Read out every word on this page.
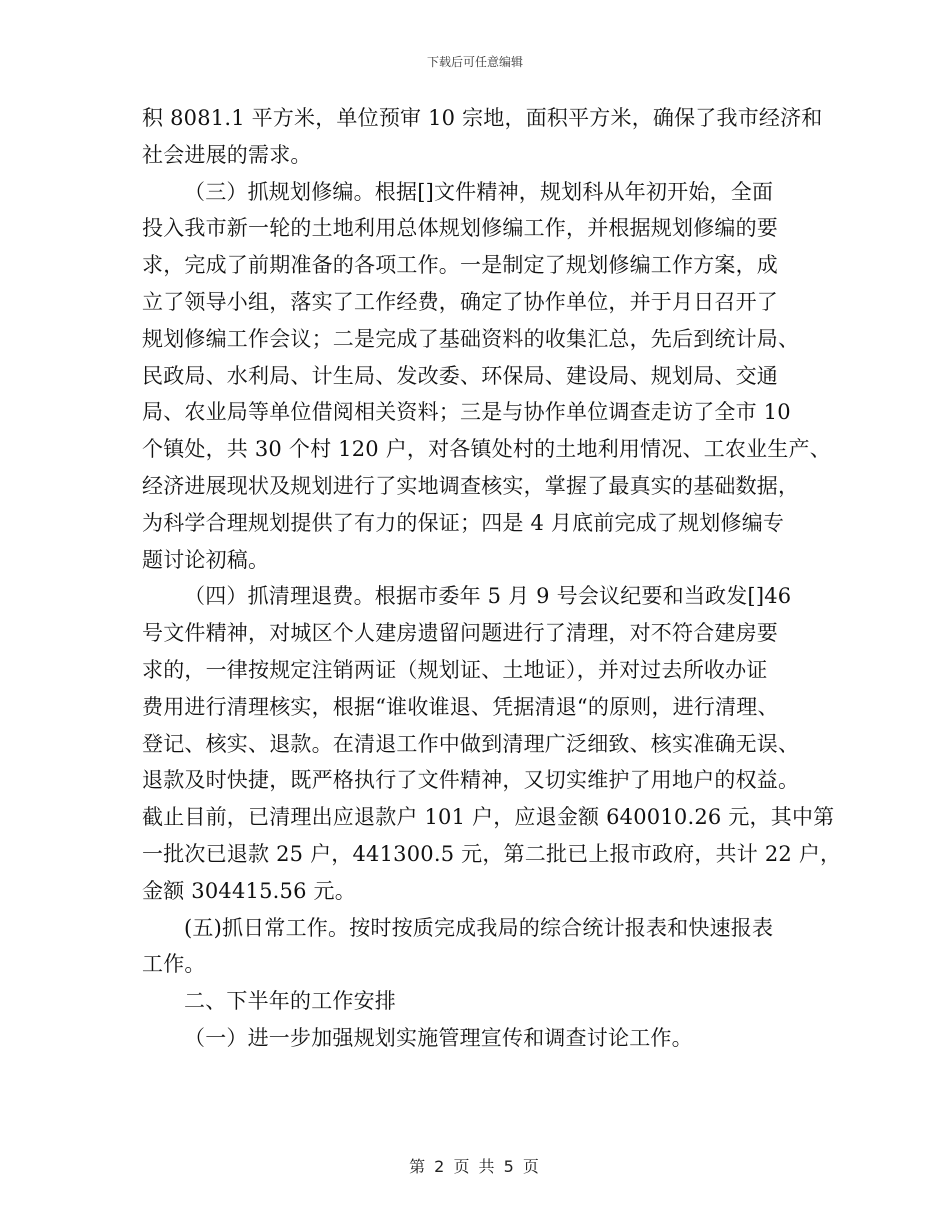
下载后可任意编辑
积 8081.1 平方米，单位预审 10 宗地，面积平方米，确保了我市经济和
社会进展的需求。
（三）抓规划修编。根据[]文件精神，规划科从年初开始，全面
投入我市新一轮的土地利用总体规划修编工作，并根据规划修编的要
求，完成了前期准备的各项工作。一是制定了规划修编工作方案，成
立了领导小组，落实了工作经费，确定了协作单位，并于月日召开了
规划修编工作会议；二是完成了基础资料的收集汇总，先后到统计局、
民政局、水利局、计生局、发改委、环保局、建设局、规划局、交通
局、农业局等单位借阅相关资料；三是与协作单位调查走访了全市 10
个镇处，共 30 个村 120 户，对各镇处村的土地利用情况、工农业生产、
经济进展现状及规划进行了实地调查核实，掌握了最真实的基础数据，
为科学合理规划提供了有力的保证；四是 4 月底前完成了规划修编专
题讨论初稿。
（四）抓清理退费。根据市委年 5 月 9 号会议纪要和当政发[]46
号文件精神，对城区个人建房遗留问题进行了清理，对不符合建房要
求的，一律按规定注销两证（规划证、土地证），并对过去所收办证
费用进行清理核实，根据“谁收谁退、凭据清退“的原则，进行清理、
登记、核实、退款。在清退工作中做到清理广泛细致、核实准确无误、
退款及时快捷，既严格执行了文件精神，又切实维护了用地户的权益。
截止目前，已清理出应退款户 101 户，应退金额 640010.26 元，其中第
一批次已退款 25 户，441300.5 元，第二批已上报市政府，共计 22 户，
金额 304415.56 元。
(五)抓日常工作。按时按质完成我局的综合统计报表和快速报表
工作。
二、下半年的工作安排
（一）进一步加强规划实施管理宣传和调查讨论工作。
第 2 页 共 5 页
